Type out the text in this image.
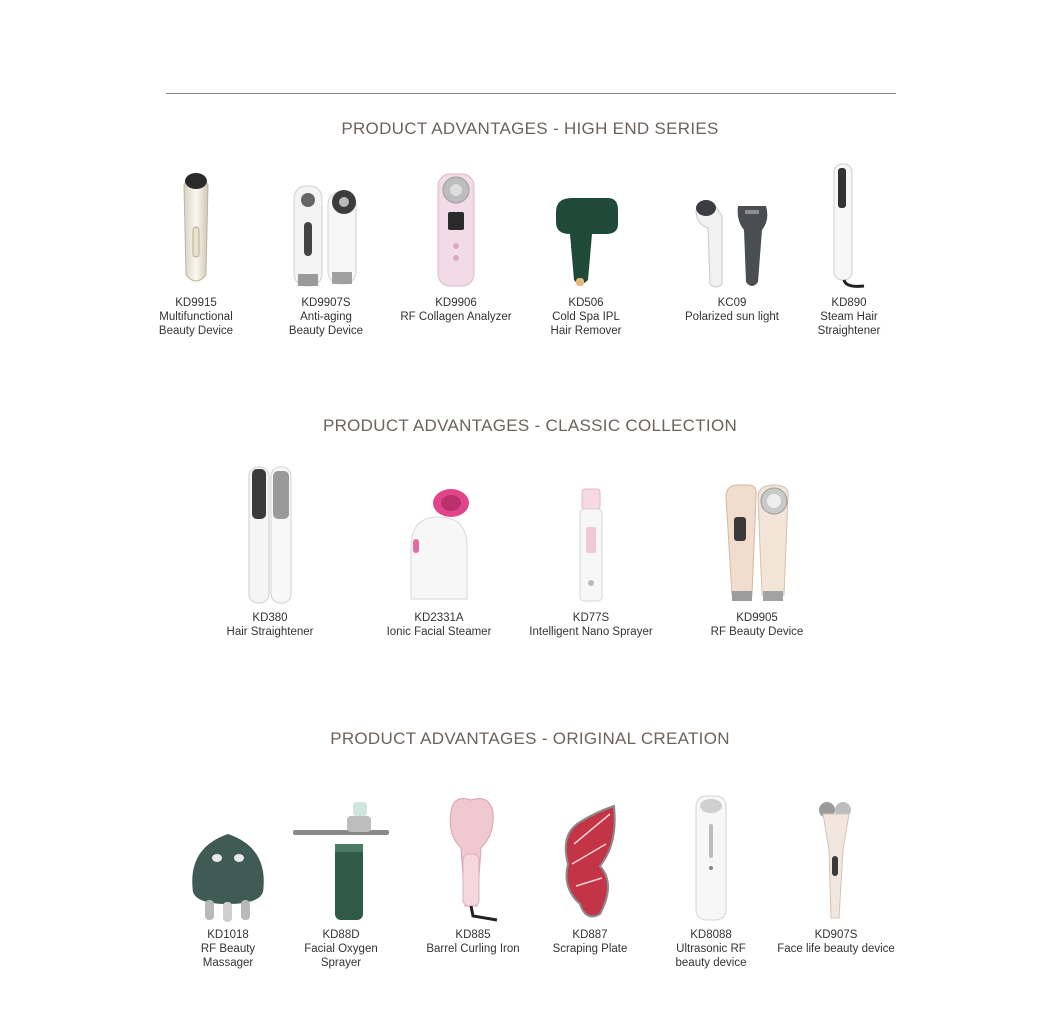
PRODUCT ADVANTAGES - HIGH END SERIES
KD9915
Multifunctional
Beauty Device
KD9907S
Anti-aging
Beauty Device
KD9906
RF Collagen Analyzer
KD506
Cold Spa IPL
Hair Remover
KC09
Polarized sun light
KD890
Steam Hair
Straightener
PRODUCT ADVANTAGES - CLASSIC COLLECTION
KD380
Hair Straightener
KD2331A
Ionic Facial Steamer
KD77S
Intelligent Nano Sprayer
KD9905
RF Beauty Device
PRODUCT ADVANTAGES - ORIGINAL CREATION
KD1018
RF Beauty
Massager
KD88D
Facial Oxygen
Sprayer
KD885
Barrel Curling Iron
KD887
Scraping Plate
KD8088
Ultrasonic RF
beauty device
KD907S
Face life beauty device
